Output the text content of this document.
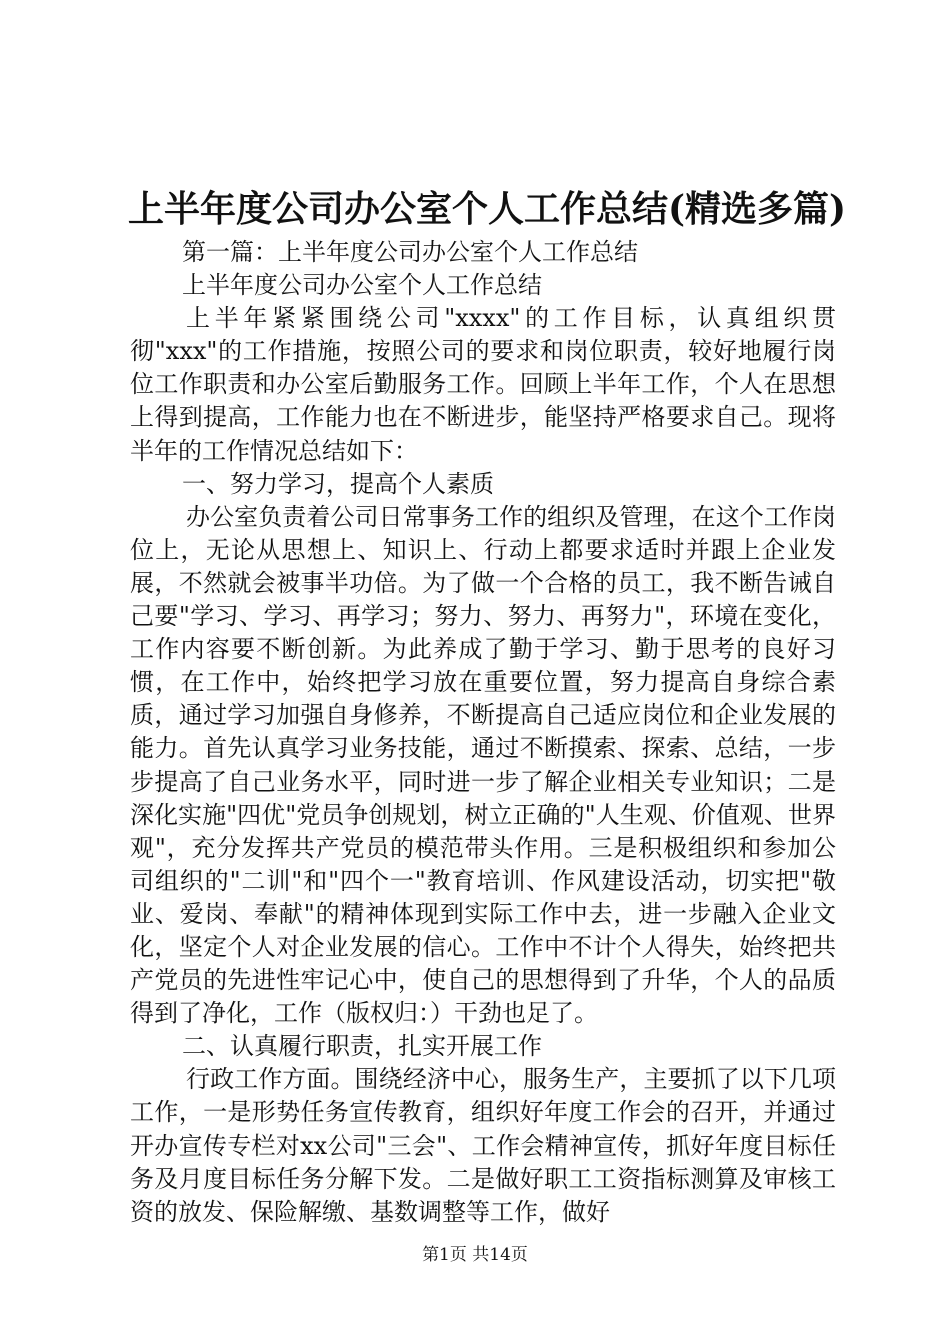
上半年度公司办公室个人工作总结(精选多篇)

第一篇：上半年度公司办公室个人工作总结

上半年度公司办公室个人工作总结

上半年紧紧围绕公司"xxxx"的工作目标，认真组织贯彻"xxx"的工作措施，按照公司的要求和岗位职责，较好地履行岗位工作职责和办公室后勤服务工作。回顾上半年工作，个人在思想上得到提高，工作能力也在不断进步，能坚持严格要求自己。现将半年的工作情况总结如下：

一、努力学习，提高个人素质

办公室负责着公司日常事务工作的组织及管理，在这个工作岗位上，无论从思想上、知识上、行动上都要求适时并跟上企业发展，不然就会被事半功倍。为了做一个合格的员工，我不断告诫自己要"学习、学习、再学习；努力、努力、再努力"，环境在变化，工作内容要不断创新。为此养成了勤于学习、勤于思考的良好习惯，在工作中，始终把学习放在重要位置，努力提高自身综合素质，通过学习加强自身修养，不断提高自己适应岗位和企业发展的能力。首先认真学习业务技能，通过不断摸索、探索、总结，一步步提高了自己业务水平，同时进一步了解企业相关专业知识；二是深化实施"四优"党员争创规划，树立正确的"人生观、价值观、世界观"，充分发挥共产党员的模范带头作用。三是积极组织和参加公司组织的"二训"和"四个一"教育培训、作风建设活动，切实把"敬业、爱岗、奉献"的精神体现到实际工作中去，进一步融入企业文化，坚定个人对企业发展的信心。工作中不计个人得失，始终把共产党员的先进性牢记心中，使自己的思想得到了升华，个人的品质得到了净化，工作（版权归：）干劲也足了。

二、认真履行职责，扎实开展工作

行政工作方面。围绕经济中心，服务生产，主要抓了以下几项工作，一是形势任务宣传教育，组织好年度工作会的召开，并通过开办宣传专栏对xx公司"三会"、工作会精神宣传，抓好年度目标任务及月度目标任务分解下发。二是做好职工工资指标测算及审核工资的放发、保险解缴、基数调整等工作，做好

第1页 共14页
